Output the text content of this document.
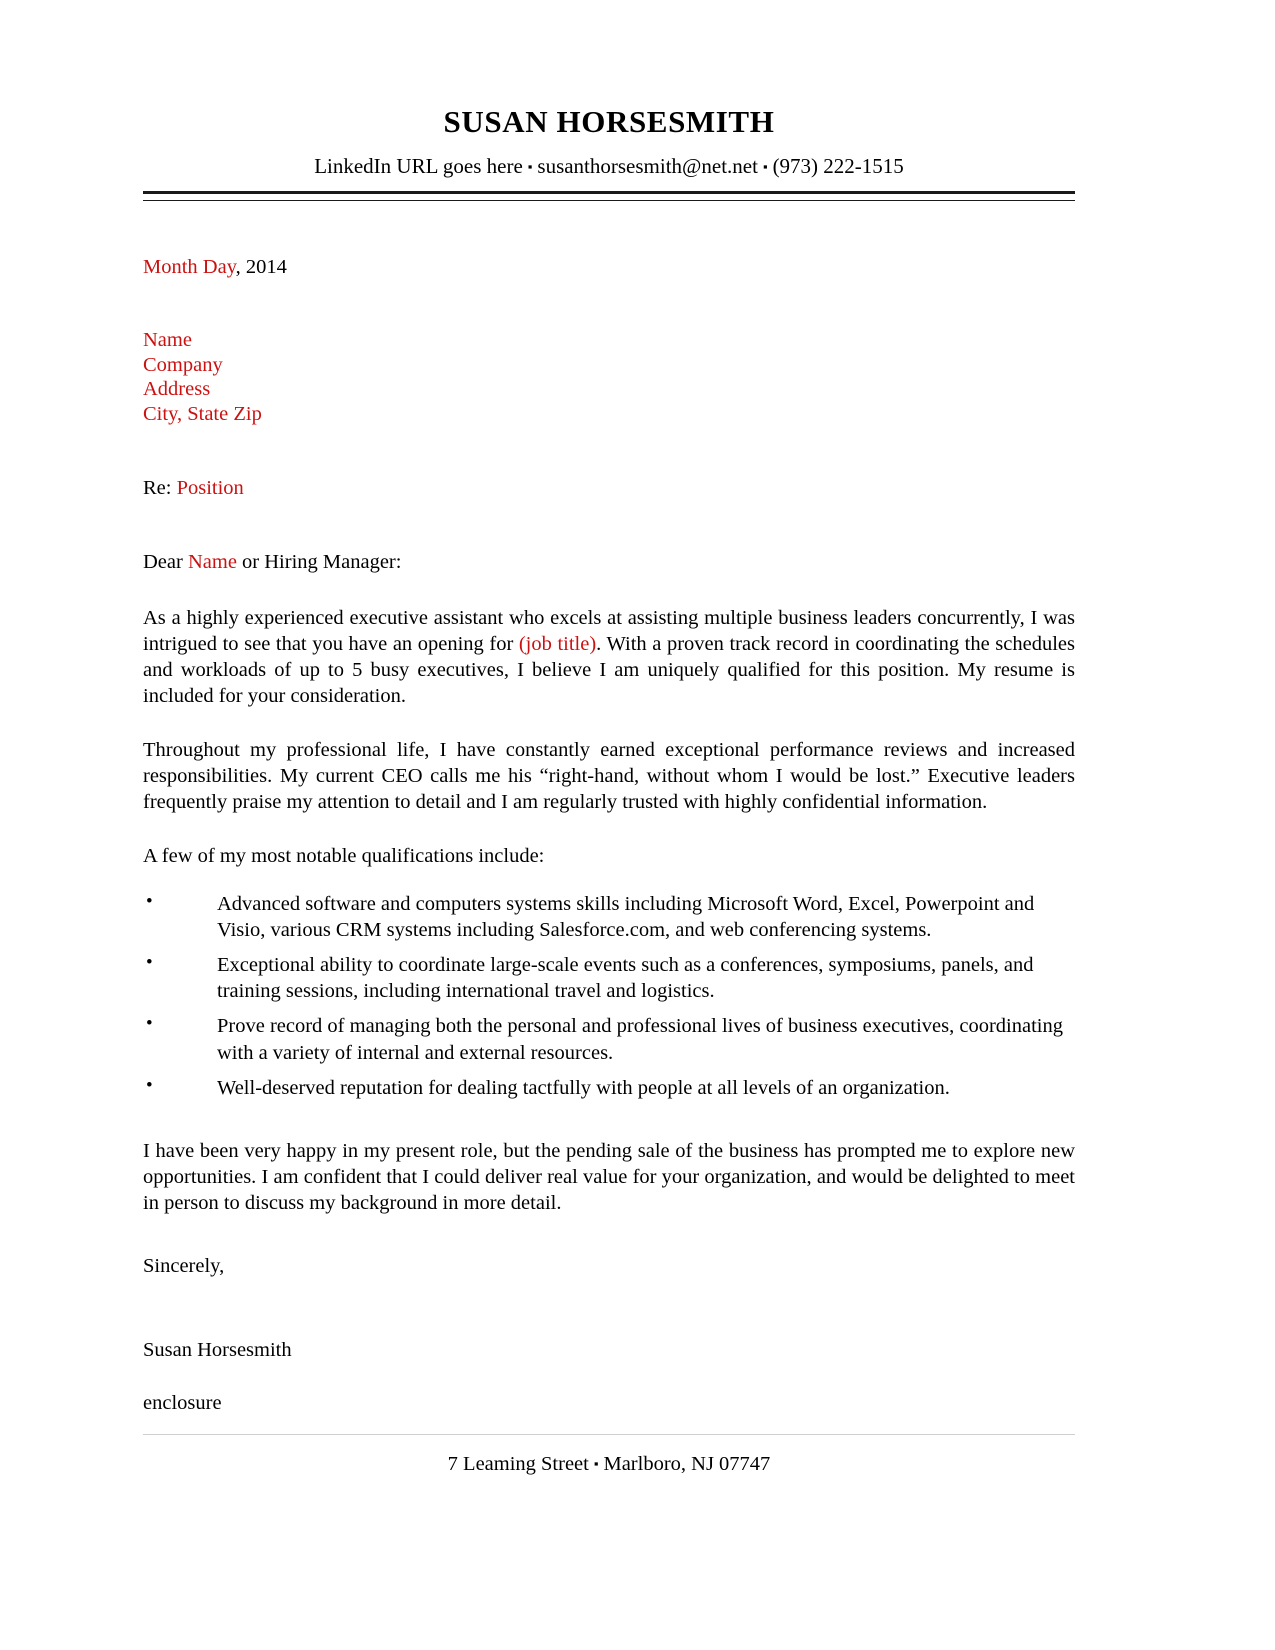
SUSAN HORSESMITH
LinkedIn URL goes here ▪ susanthorsesmith@net.net ▪ (973) 222-1515
Month Day, 2014
Name
Company
Address
City, State Zip
Re: Position
Dear Name or Hiring Manager:

As a highly experienced executive assistant who excels at assisting multiple business leaders concurrently, I was intrigued to see that you have an opening for (job title). With a proven track record in coordinating the schedules and workloads of up to 5 busy executives, I believe I am uniquely qualified for this position. My resume is included for your consideration.

Throughout my professional life, I have constantly earned exceptional performance reviews and increased responsibilities. My current CEO calls me his “right-hand, without whom I would be lost.” Executive leaders frequently praise my attention to detail and I am regularly trusted with highly confidential information.

A few of my most notable qualifications include:

•	Advanced software and computers systems skills including Microsoft Word, Excel, Powerpoint and Visio, various CRM systems including Salesforce.com, and web conferencing systems.
•	Exceptional ability to coordinate large-scale events such as a conferences, symposiums, panels, and training sessions, including international travel and logistics.
•	Prove record of managing both the personal and professional lives of business executives, coordinating with a variety of internal and external resources.
•	Well-deserved reputation for dealing tactfully with people at all levels of an organization.

I have been very happy in my present role, but the pending sale of the business has prompted me to explore new opportunities. I am confident that I could deliver real value for your organization, and would be delighted to meet in person to discuss my background in more detail.

Sincerely,
Susan Horsesmith
enclosure
7 Leaming Street ▪ Marlboro, NJ 07747
